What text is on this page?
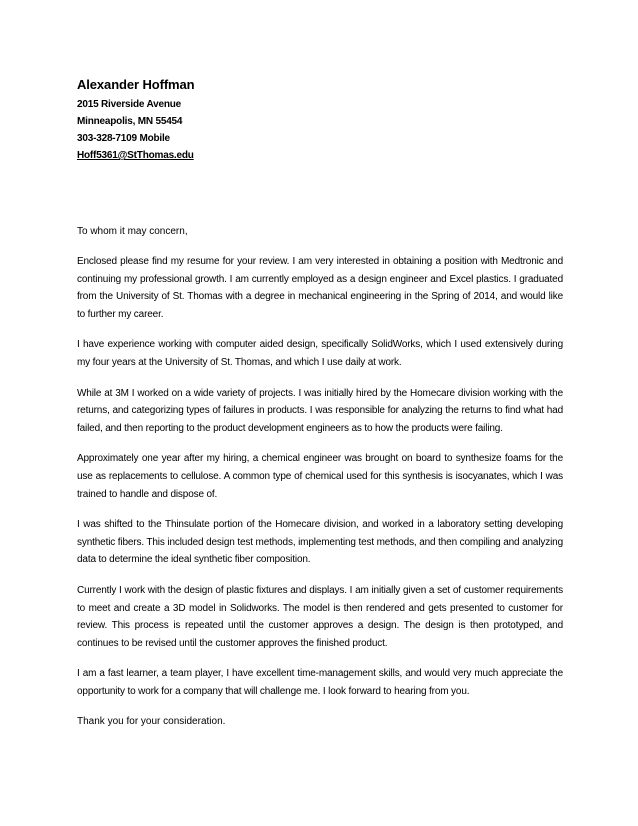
Alexander Hoffman
2015 Riverside Avenue
Minneapolis, MN 55454
303-328-7109 Mobile
Hoff5361@StThomas.edu
To whom it may concern,

Enclosed please find my resume for your review. I am very interested in obtaining a position with Medtronic and continuing my professional growth. I am currently employed as a design engineer and Excel plastics. I graduated from the University of St. Thomas with a degree in mechanical engineering in the Spring of 2014, and would like to further my career.

I have experience working with computer aided design, specifically SolidWorks, which I used extensively during my four years at the University of St. Thomas, and which I use daily at work.

While at 3M I worked on a wide variety of projects. I was initially hired by the Homecare division working with the returns, and categorizing types of failures in products. I was responsible for analyzing the returns to find what had failed, and then reporting to the product development engineers as to how the products were failing.

Approximately one year after my hiring, a chemical engineer was brought on board to synthesize foams for the use as replacements to cellulose. A common type of chemical used for this synthesis is isocyanates, which I was trained to handle and dispose of.

I was shifted to the Thinsulate portion of the Homecare division, and worked in a laboratory setting developing synthetic fibers. This included design test methods, implementing test methods, and then compiling and analyzing data to determine the ideal synthetic fiber composition.

Currently I work with the design of plastic fixtures and displays. I am initially given a set of customer requirements to meet and create a 3D model in Solidworks. The model is then rendered and gets presented to customer for review. This process is repeated until the customer approves a design. The design is then prototyped, and continues to be revised until the customer approves the finished product.

I am a fast learner, a team player, I have excellent time-management skills, and would very much appreciate the opportunity to work for a company that will challenge me. I look forward to hearing from you.

Thank you for your consideration.
